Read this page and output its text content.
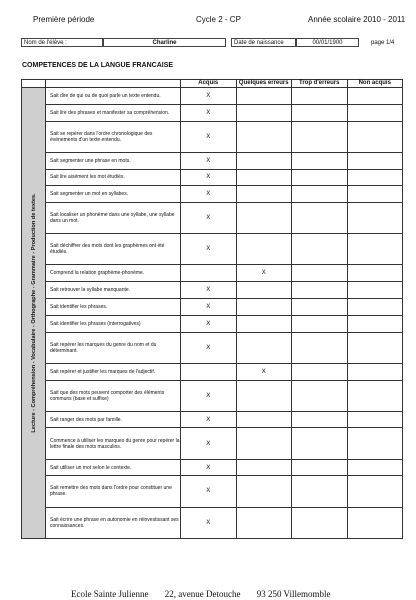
Première période	Cycle 2 - CP	Année scolaire 2010 - 2011
Nom de l'élève :	Charline	Date de naissance	00/01/1900	page 1/4
COMPETENCES DE LA LANGUE FRANCAISE
		Acquis	Quelques erreurs	Trop d'erreurs	Non acquis

Lecture - Compréhension - Vocabulaire - Orthographe - Grammaire - Production de textes.	Sait dire de qui ou de quoi parle un texte entendu.	X			
	Sait lire des phrases et manifester sa compréhension.	X			
	Sait se repérer dans l'ordre chronologique des événements d'un texte entendu.	X			
	Sait segmenter une phrase en mots.	X			
	Sait lire aisément les mot étudiés.	X			
	Sait segmenter un mot en syllabes.	X			
	Sait localiser un phonème dans une syllabe, une syllabe dans un mot.	X			
	Sait déchiffrer des mots dont les graphèmes ont été étudiés.	X			
	Comprend la relation graphème-phonème.		X		
	Sait retrouver la syllabe manquante.	X			
	Sait identifier les phrases.	X			
	Sait identifier les phrases (interrogatives)	X			
	Sait repérer les marques du genre du nom et du déterminant.	X			
	Sait repérer et justifier les marques de l'adjectif.		X		
	Sait que des mots peuvent comporter des éléments communs (base et suffixe)	X			
	Sait ranger des mots par famille.	X			
	Commence à utiliser les marques du genre pour repérer la lettre finale des mots masculins.	X			
	Sait utiliser un mot selon le contexte.	X			
	Sait remettre des mots dans l'ordre pour constituer une phrase.	X			
	Sait écrire une phrase en autonomie en réinvestissant ses connaissances.	X			
Ecole Sainte Julienne 22, avenue Detouche 93 250 Villemomble
